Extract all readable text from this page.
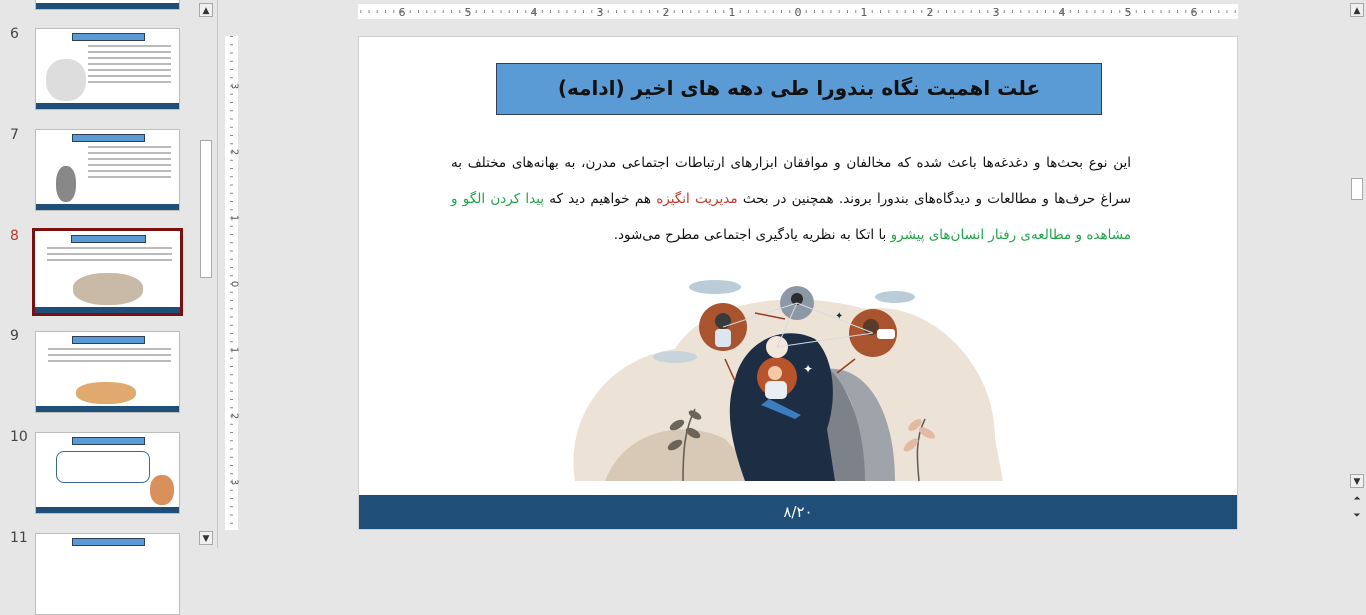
6
7
8
9
10
11
▲
▼
6	5	4	3	2	1	0	1	2	3	4	5	6
3
2
1
0
1
2
3
علت اهمیت نگاه بندورا طی دهه های اخیر (ادامه)
این نوع بحث‌ها و دغدغه‌ها باعث شده که مخالفان و موافقان ابزارهای ارتباطات اجتماعی مدرن، به بهانه‌های مختلف به سراغ حرف‌ها و مطالعات و دیدگاه‌های بندورا بروند. همچنین در بحث مدیریت انگیزه هم خواهیم دید که پیدا کردن الگو و مشاهده و مطالعه‌ی رفتار انسان‌های پیشرو با اتکا به نظریه یادگیری اجتماعی مطرح می‌شود.
✦
✦
۸/۲۰
▲
▼
⏶
⏷
